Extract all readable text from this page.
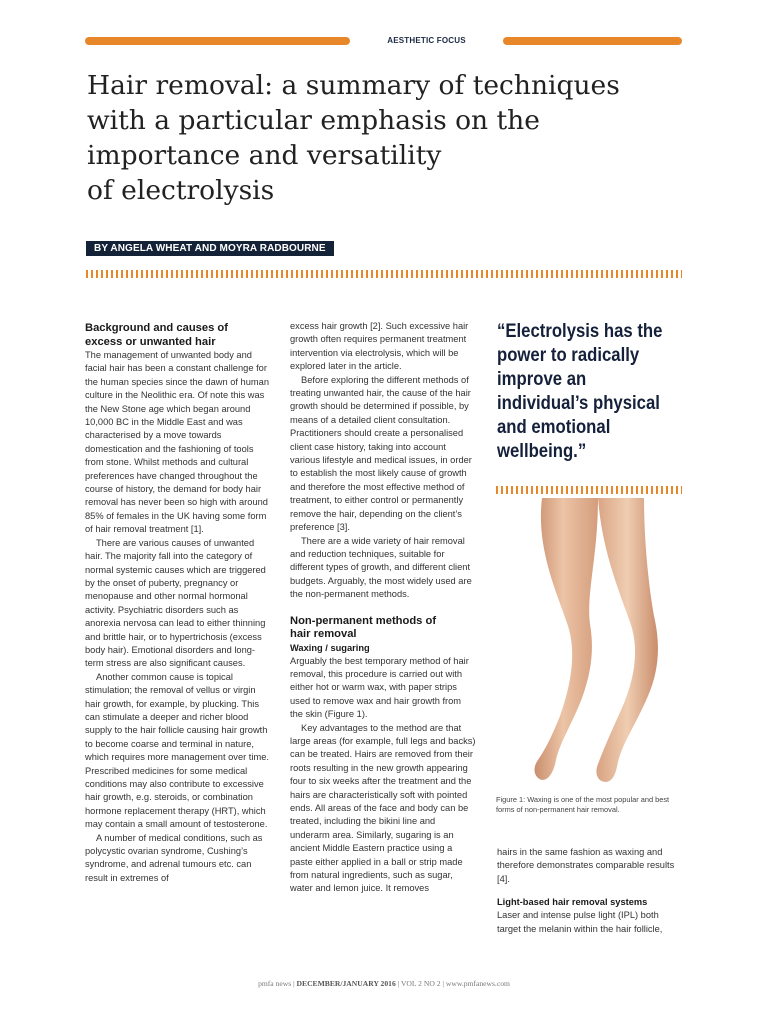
AESTHETIC FOCUS
Hair removal: a summary of techniques
with a particular emphasis on the
importance and versatility
of electrolysis
BY ANGELA WHEAT AND MOYRA RADBOURNE
Background and causes of
excess or unwanted hair

The management of unwanted body and facial hair has been a constant challenge for the human species since the dawn of human culture in the Neolithic era. Of note this was the New Stone age which began around 10,000 BC in the Middle East and was characterised by a move towards domestication and the fashioning of tools from stone. Whilst methods and cultural preferences have changed throughout the course of history, the demand for body hair removal has never been so high with around 85% of females in the UK having some form of hair removal treatment [1].

There are various causes of unwanted hair. The majority fall into the category of normal systemic causes which are triggered by the onset of puberty, pregnancy or menopause and other normal hormonal activity. Psychiatric disorders such as anorexia nervosa can lead to either thinning and brittle hair, or to hypertrichosis (excess body hair). Emotional disorders and long-term stress are also significant causes.

Another common cause is topical stimulation; the removal of vellus or virgin hair growth, for example, by plucking. This can stimulate a deeper and richer blood supply to the hair follicle causing hair growth to become coarse and terminal in nature, which requires more management over time. Prescribed medicines for some medical conditions may also contribute to excessive hair growth, e.g. steroids, or combination hormone replacement therapy (HRT), which may contain a small amount of testosterone.

A number of medical conditions, such as polycystic ovarian syndrome, Cushing’s syndrome, and adrenal tumours etc. can result in extremes of

excess hair growth [2]. Such excessive hair growth often requires permanent treatment intervention via electrolysis, which will be explored later in the article.

Before exploring the different methods of treating unwanted hair, the cause of the hair growth should be determined if possible, by means of a detailed client consultation. Practitioners should create a personalised client case history, taking into account various lifestyle and medical issues, in order to establish the most likely cause of growth and therefore the most effective method of treatment, to either control or permanently remove the hair, depending on the client’s preference [3].

There are a wide variety of hair removal and reduction techniques, suitable for different types of growth, and different client budgets. Arguably, the most widely used are the non-permanent methods.

Non-permanent methods of
hair removal
Waxing / sugaring

Arguably the best temporary method of hair removal, this procedure is carried out with either hot or warm wax, with paper strips used to remove wax and hair growth from the skin (Figure 1).

Key advantages to the method are that large areas (for example, full legs and backs) can be treated. Hairs are removed from their roots resulting in the new growth appearing four to six weeks after the treatment and the hairs are characteristically soft with pointed ends. All areas of the face and body can be treated, including the bikini line and underarm area. Similarly, sugaring is an ancient Middle Eastern practice using a paste either applied in a ball or strip made from natural ingredients, such as sugar, water and lemon juice. It removes

“Electrolysis has the power to radically improve an individual’s physical and emotional wellbeing.”
Figure 1: Waxing is one of the most popular and best forms of non-permanent hair removal.

hairs in the same fashion as waxing and therefore demonstrates comparable results [4].

Light-based hair removal systems

Laser and intense pulse light (IPL) both target the melanin within the hair follicle,

pmfa news | DECEMBER/JANUARY 2016 | VOL 2 NO 2 | www.pmfanews.com
